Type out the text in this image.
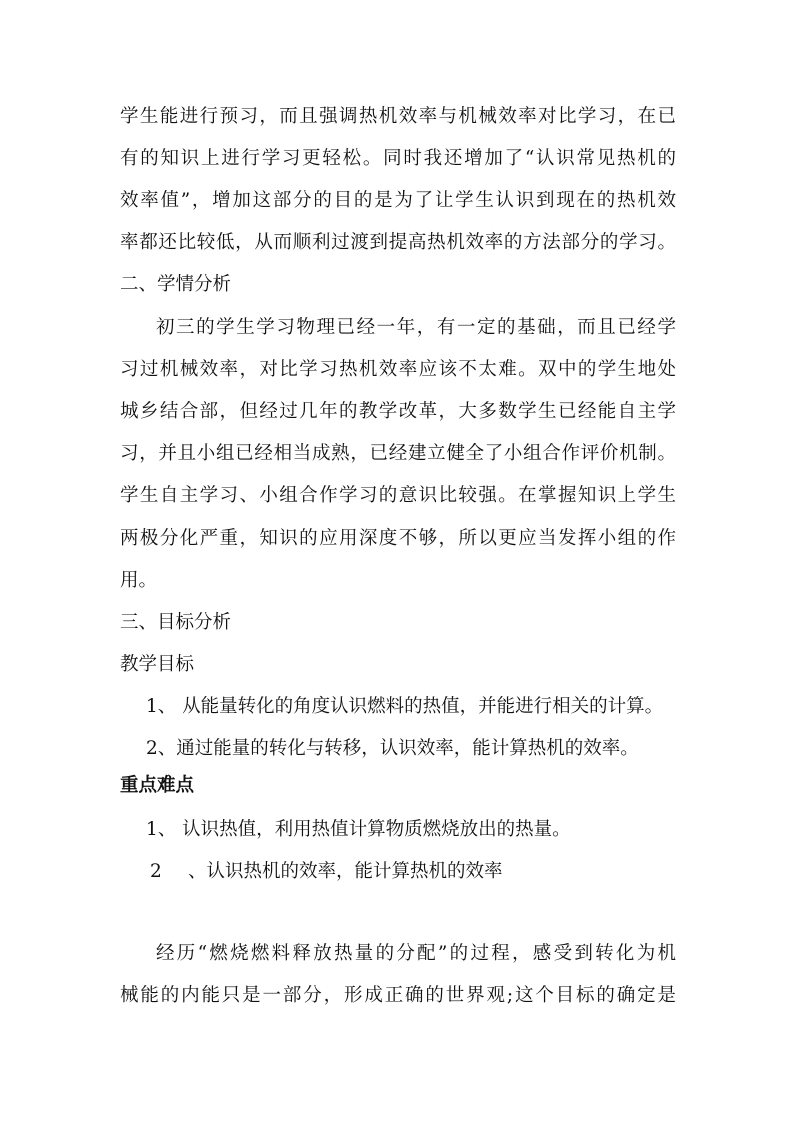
学生能进行预习，而且强调热机效率与机械效率对比学习，在已
有的知识上进行学习更轻松。同时我还增加了“认识常见热机的
效率值”，增加这部分的目的是为了让学生认识到现在的热机效
率都还比较低，从而顺利过渡到提高热机效率的方法部分的学习。
二、学情分析
初三的学生学习物理已经一年，有一定的基础，而且已经学
习过机械效率，对比学习热机效率应该不太难。双中的学生地处
城乡结合部，但经过几年的教学改革，大多数学生已经能自主学
习，并且小组已经相当成熟，已经建立健全了小组合作评价机制。
学生自主学习、小组合作学习的意识比较强。在掌握知识上学生
两极分化严重，知识的应用深度不够，所以更应当发挥小组的作
用。
三、目标分析
教学目标
1、 从能量转化的角度认识燃料的热值，并能进行相关的计算。
2、通过能量的转化与转移，认识效率，能计算热机的效率。
重点难点
1、 认识热值，利用热值计算物质燃烧放出的热量。
2 、认识热机的效率，能计算热机的效率
经历“燃烧燃料释放热量的分配”的过程，感受到转化为机
械能的内能只是一部分，形成正确的世界观;这个目标的确定是
